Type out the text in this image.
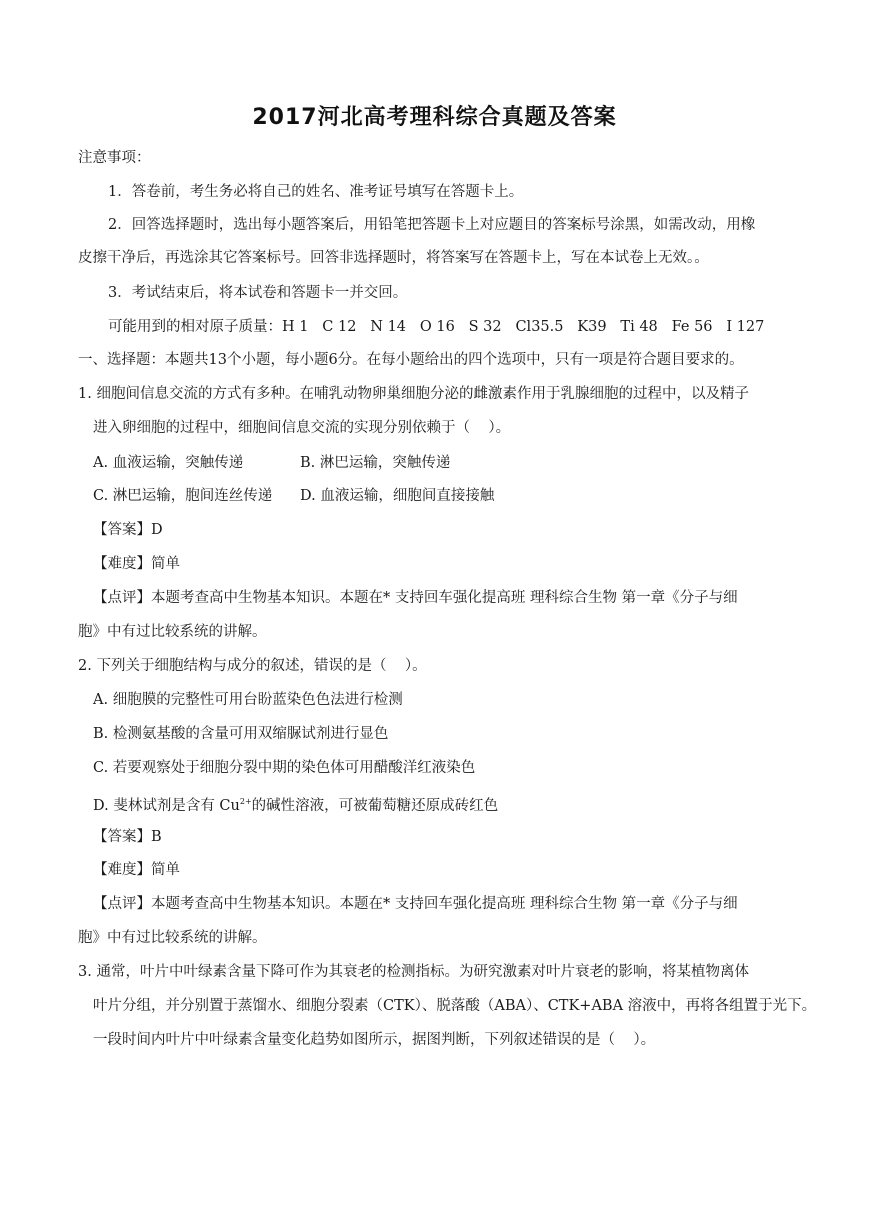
2017河北高考理科综合真题及答案
注意事项：
1．答卷前，考生务必将自己的姓名、准考证号填写在答题卡上。
2．回答选择题时，选出每小题答案后，用铅笔把答题卡上对应题目的答案标号涂黑，如需改动，用橡
皮擦干净后，再选涂其它答案标号。回答非选择题时，将答案写在答题卡上，写在本试卷上无效。。
3．考试结束后，将本试卷和答题卡一并交回。
可能用到的相对原子质量：H 1   C 12   N 14   O 16   S 32   Cl35.5   K39   Ti 48   Fe 56   I 127
一、选择题：本题共13个小题，每小题6分。在每小题给出的四个选项中，只有一项是符合题目要求的。
1. 细胞间信息交流的方式有多种。在哺乳动物卵巢细胞分泌的雌激素作用于乳腺细胞的过程中，以及精子
进入卵细胞的过程中，细胞间信息交流的实现分别依赖于（    ）。
A. 血液运输，突触传递	B. 淋巴运输，突触传递
C. 淋巴运输，胞间连丝传递 D. 血液运输，细胞间直接接触
【答案】D
【难度】简单
【点评】本题考查高中生物基本知识。本题在* 支持回车强化提高班 理科综合生物 第一章《分子与细
胞》中有过比较系统的讲解。
2. 下列关于细胞结构与成分的叙述，错误的是（    ）。
A. 细胞膜的完整性可用台盼蓝染色色法进行检测
B. 检测氨基酸的含量可用双缩脲试剂进行显色
C. 若要观察处于细胞分裂中期的染色体可用醋酸洋红液染色
D. 斐林试剂是含有 $Cu^{2+}$的碱性溶液，可被葡萄糖还原成砖红色
【答案】B
【难度】简单
【点评】本题考查高中生物基本知识。本题在* 支持回车强化提高班 理科综合生物 第一章《分子与细
胞》中有过比较系统的讲解。
3. 通常，叶片中叶绿素含量下降可作为其衰老的检测指标。为研究激素对叶片衰老的影响，将某植物离体
叶片分组，并分别置于蒸馏水、细胞分裂素（CTK）、脱落酸（ABA）、CTK+ABA 溶液中，再将各组置于光下。
一段时间内叶片中叶绿素含量变化趋势如图所示，据图判断，下列叙述错误的是（    ）。
